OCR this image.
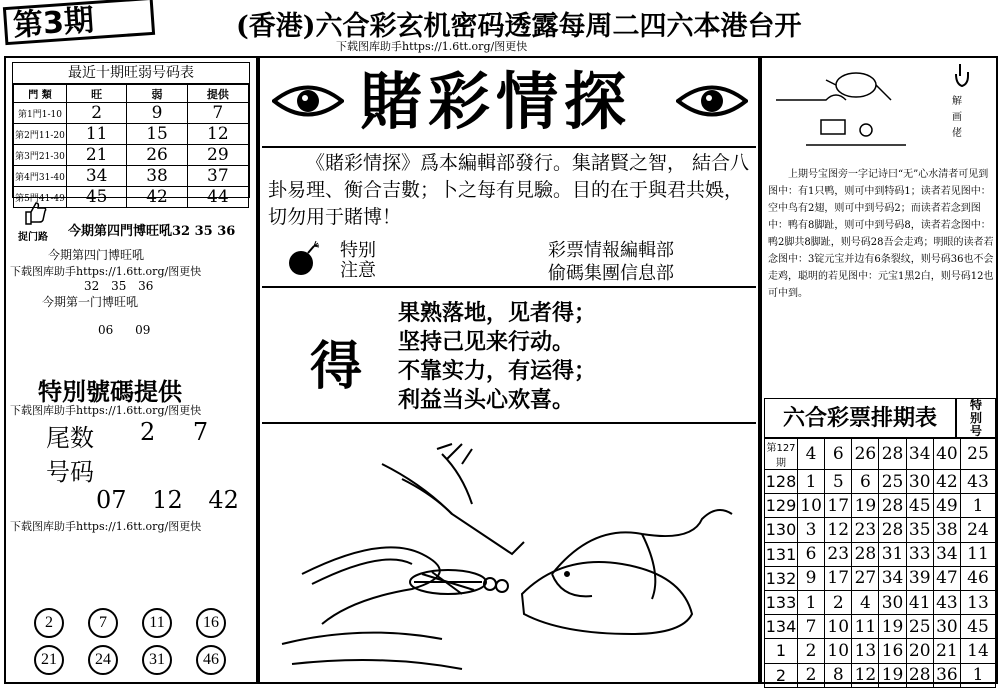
第3期	(香港)六合彩玄机密码透露每周二四六本港台开
下载图库助手https://1.6tt.org/图更快
最近十期旺弱号码表
門 類	旺	弱	提供
第1門1-10	2	9	7
第2門11-20	11	15	12
第3門21-30	21	26	29
第4門31-40	34	38	37
第5門41-49	45	42	44
捉门路 今期第四門博旺吼32 35 36
今期第四门博旺吼
下载图库助手https://1.6tt.org/图更快
32 35 36
今期第一门博旺吼
06 09
特別號碼提供
下载图库助手https://1.6tt.org/图更快
尾数 2 7
号码
07 12 42
下载图库助手https://1.6tt.org/图更快
2	7	11	16
21	24	31	46
賭彩情探
《賭彩情探》爲本編輯部發行。集諸賢之智， 結合八卦易理、衡合吉數；卜之每有見驗。目的在于與君共娛，切勿用于賭博！
特别
注意
彩票情報編輯部
偷碼集團信息部
得
果熟落地，见者得；
坚持己见来行动。
不靠实力，有运得；
利益当头心欢喜。
解画佬
上期号宝图旁一字记诗曰“无”心水清者可见到图中：有1只鸭，则可中到特码1；读者若见图中：空中鸟有2翅，则可中到号码2；而读者若念到图中：鸭有8脚趾，则可中到号码8，读者若念图中：鸭2脚共8脚趾，则号码28吾会走鸡；明眼的读者若念图中：3锭元宝并边有6条裂纹，则号码36也不会走鸡，聪明的若见图中：元宝1黑2白，则号码12也可中到。
六合彩票排期表	特别号
第127期	4	6	26	28	34	40	25
128	1	5	6	25	30	42	43
129	10	17	19	28	45	49	1
130	3	12	23	28	35	38	24
131	6	23	28	31	33	34	11
132	9	17	27	34	39	47	46
133	1	2	4	30	41	43	13
134	7	10	11	19	25	30	45
1	2	10	13	16	20	21	14
2	2	8	12	19	28	36	1
